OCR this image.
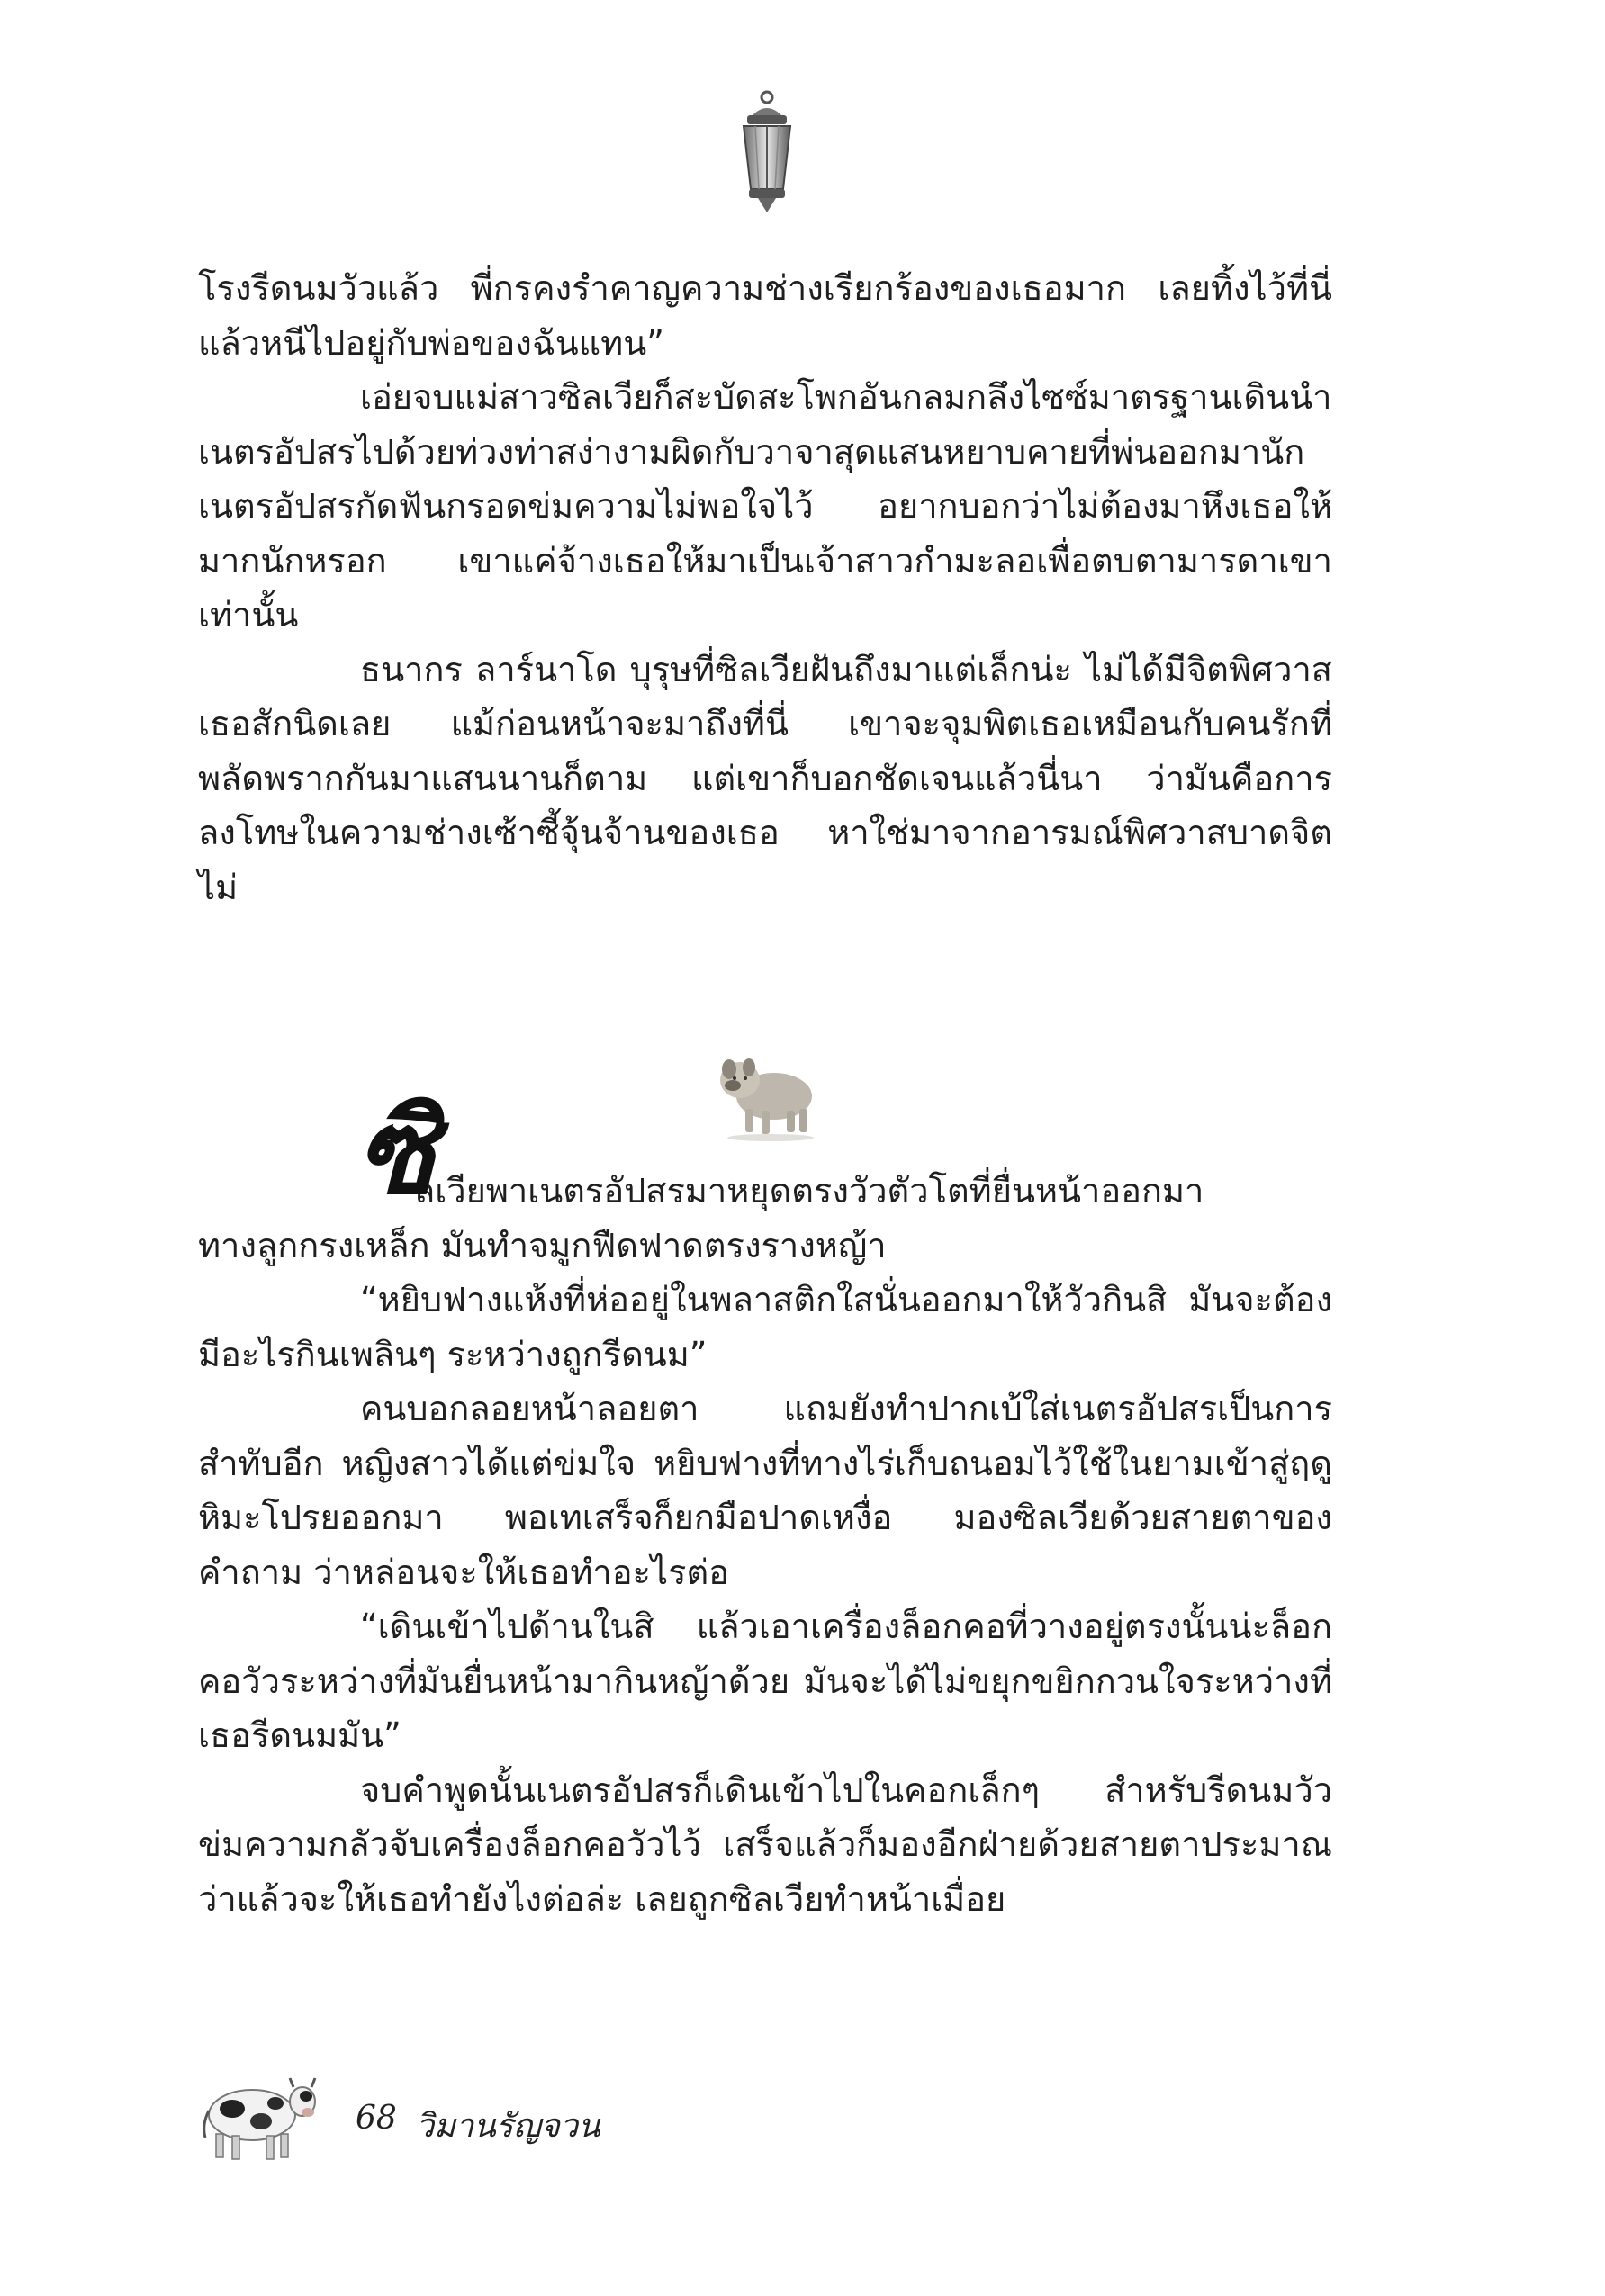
โรงรีดนมวัวแล้ว พี่กรคงรำคาญความช่างเรียกร้องของเธอมาก เลยทิ้งไว้ที่นี่ แล้วหนีไปอยู่กับพ่อของฉันแทน”

เอ่ยจบแม่สาวซิลเวียก็สะบัดสะโพกอันกลมกลึงไซซ์มาตรฐานเดินนำเนตรอัปสรไปด้วยท่วงท่าสง่างามผิดกับวาจาสุดแสนหยาบคายที่พ่นออกมานัก เนตรอัปสรกัดฟันกรอดข่มความไม่พอใจไว้ อยากบอกว่าไม่ต้องมาหึงเธอให้มากนักหรอก เขาแค่จ้างเธอให้มาเป็นเจ้าสาวกำมะลอเพื่อตบตามารดาเขาเท่านั้น

ธนากร ลาร์นาโด บุรุษที่ซิลเวียฝันถึงมาแต่เล็กน่ะ ไม่ได้มีจิตพิศวาสเธอสักนิดเลย แม้ก่อนหน้าจะมาถึงที่นี่ เขาจะจุมพิตเธอเหมือนกับคนรักที่พลัดพรากกันมาแสนนานก็ตาม แต่เขาก็บอกชัดเจนแล้วนี่นา ว่ามันคือการลงโทษในความช่างเซ้าซี้จุ้นจ้านของเธอ หาใช่มาจากอารมณ์พิศวาสบาดจิตไม่

ซิ
ลเวียพาเนตรอัปสรมาหยุดตรงวัวตัวโตที่ยื่นหน้าออกมา
ทางลูกกรงเหล็ก มันทำจมูกฟืดฟาดตรงรางหญ้า

“หยิบฟางแห้งที่ห่ออยู่ในพลาสติกใสนั่นออกมาให้วัวกินสิ มันจะต้องมีอะไรกินเพลินๆ ระหว่างถูกรีดนม”

คนบอกลอยหน้าลอยตา แถมยังทำปากเบ้ใส่เนตรอัปสรเป็นการสำทับอีก หญิงสาวได้แต่ข่มใจ หยิบฟางที่ทางไร่เก็บถนอมไว้ใช้ในยามเข้าสู่ฤดูหิมะโปรยออกมา พอเทเสร็จก็ยกมือปาดเหงื่อ มองซิลเวียด้วยสายตาของคำถาม ว่าหล่อนจะให้เธอทำอะไรต่อ

“เดินเข้าไปด้านในสิ แล้วเอาเครื่องล็อกคอที่วางอยู่ตรงนั้นน่ะล็อกคอวัวระหว่างที่มันยื่นหน้ามากินหญ้าด้วย มันจะได้ไม่ขยุกขยิกกวนใจระหว่างที่เธอรีดนมมัน”

จบคำพูดนั้นเนตรอัปสรก็เดินเข้าไปในคอกเล็กๆ สำหรับรีดนมวัว ข่มความกลัวจับเครื่องล็อกคอวัวไว้ เสร็จแล้วก็มองอีกฝ่ายด้วยสายตาประมาณว่าแล้วจะให้เธอทำยังไงต่อล่ะ เลยถูกซิลเวียทำหน้าเมื่อย

68 วิมานรัญจวน
